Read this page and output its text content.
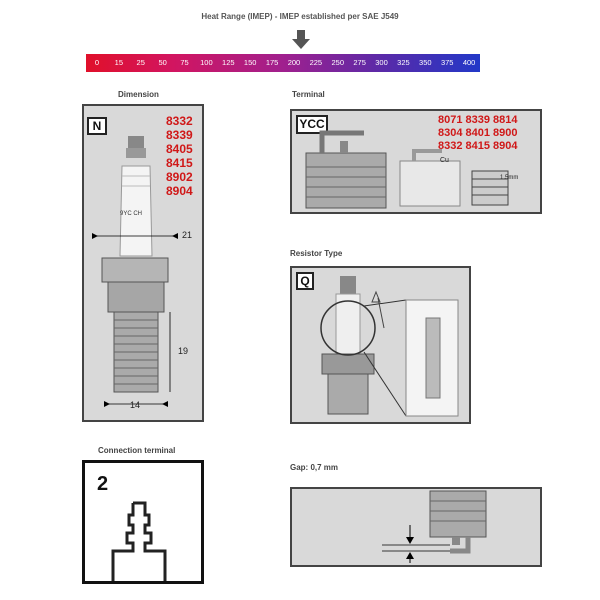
Heat Range (IMEP) - IMEP established per SAE J549
0	15	25	50	75	100	125	150	175	200	225	250	275	300	325	350	375	400
Dimension	Terminal
Resistor Type
Connection terminal
Gap: 0,7 mm
N	8332
8339
8405
8415
8902
8904
9YC CH
21
19
14
YCC	8071 8339 8814
8304 8401 8900
8332 8415 8904
Cu
1.5mm
Q
2
